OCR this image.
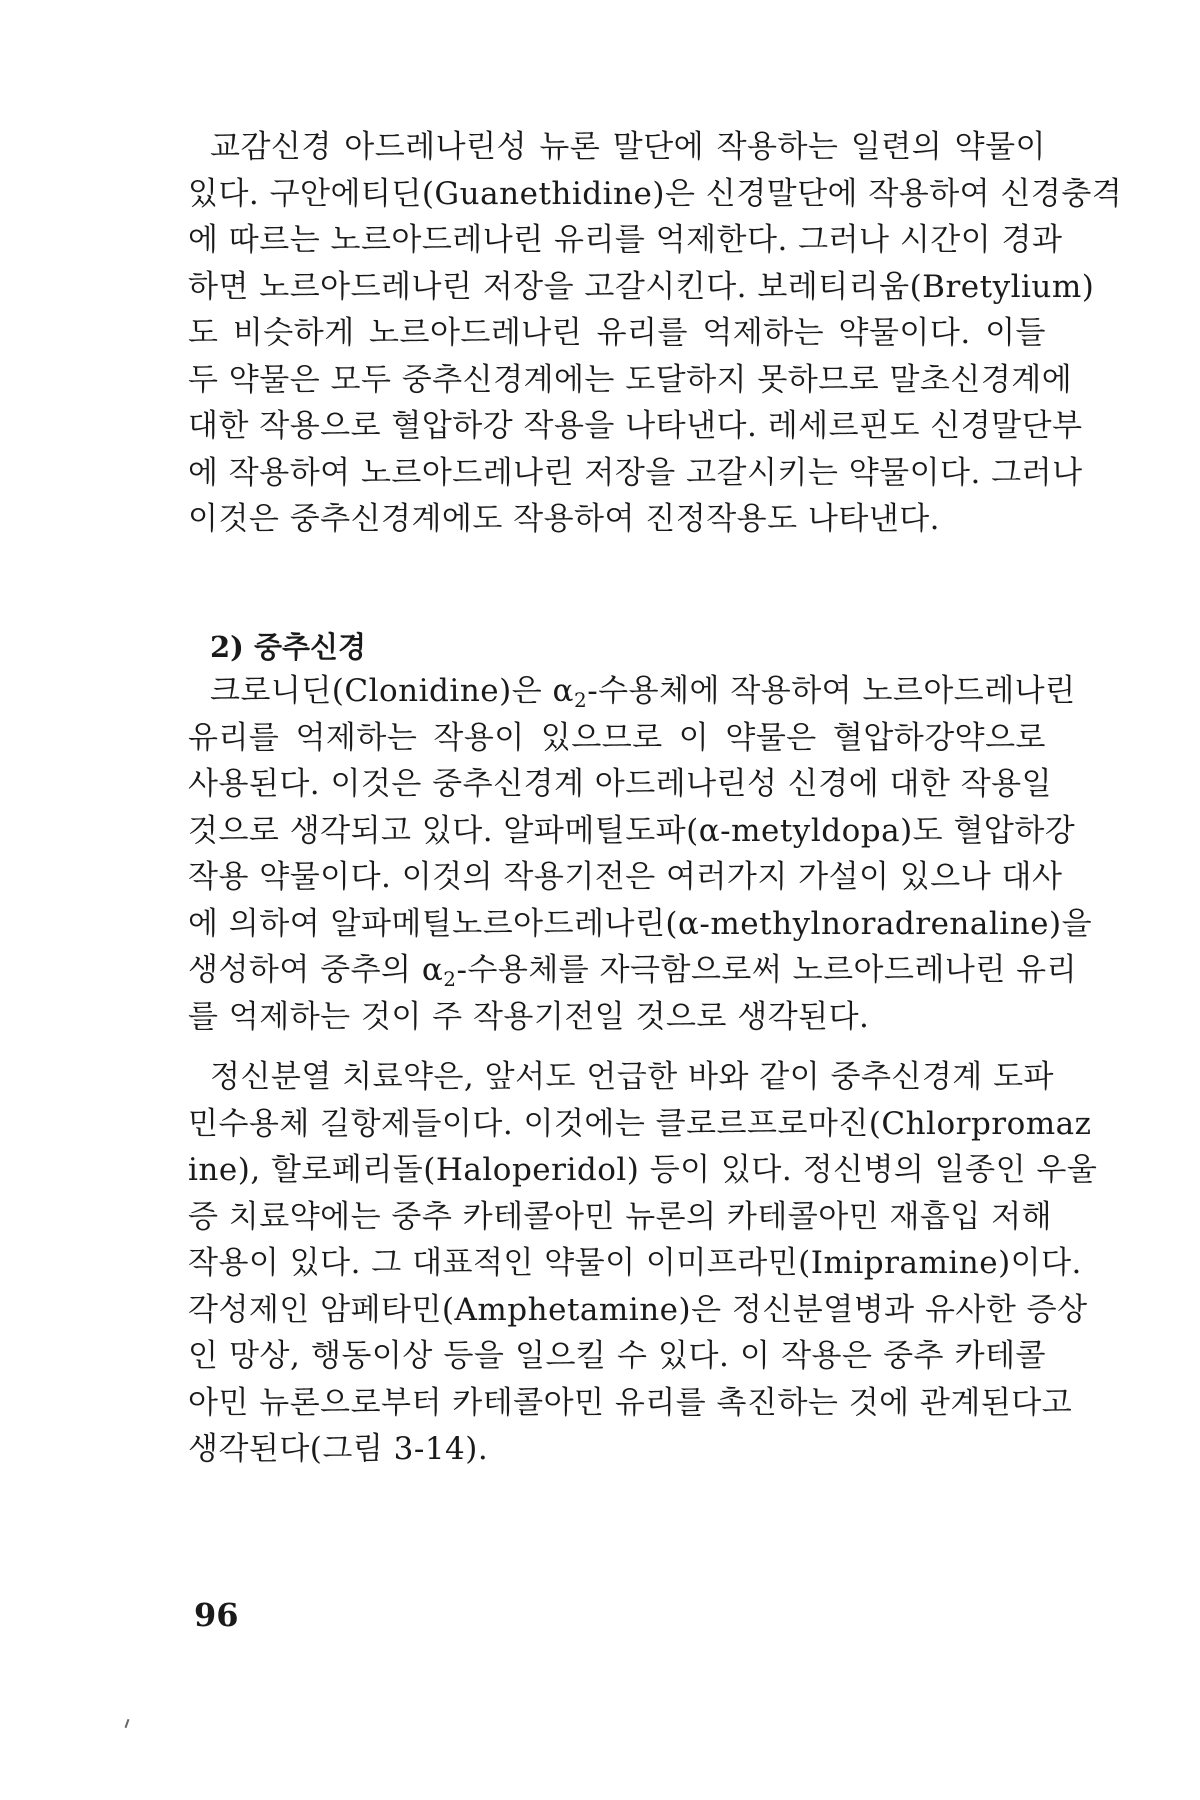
교감신경 아드레나린성 뉴론 말단에 작용하는 일련의 약물이
있다. 구안에티딘(Guanethidine)은 신경말단에 작용하여 신경충격
에 따르는 노르아드레나린 유리를 억제한다. 그러나 시간이 경과
하면 노르아드레나린 저장을 고갈시킨다. 보레티리움(Bretylium)
도 비슷하게 노르아드레나린 유리를 억제하는 약물이다. 이들
두 약물은 모두 중추신경계에는 도달하지 못하므로 말초신경계에
대한 작용으로 혈압하강 작용을 나타낸다. 레세르핀도 신경말단부
에 작용하여 노르아드레나린 저장을 고갈시키는 약물이다. 그러나
이것은 중추신경계에도 작용하여 진정작용도 나타낸다.
2) 중추신경
크로니딘(Clonidine)은 $\alpha_2-$수용체에 작용하여 노르아드레나린
유리를 억제하는 작용이 있으므로 이 약물은 혈압하강약으로
사용된다. 이것은 중추신경계 아드레나린성 신경에 대한 작용일
것으로 생각되고 있다. 알파메틸도파(α-metyldopa)도 혈압하강
작용 약물이다. 이것의 작용기전은 여러가지 가설이 있으나 대사
에 의하여 알파메틸노르아드레나린(α-methylnoradrenaline)을
생성하여 중추의 $\alpha_2-$수용체를 자극함으로써 노르아드레나린 유리
를 억제하는 것이 주 작용기전일 것으로 생각된다.
정신분열 치료약은, 앞서도 언급한 바와 같이 중추신경계 도파
민수용체 길항제들이다. 이것에는 클로르프로마진(Chlorpromaz
ine), 할로페리돌(Haloperidol) 등이 있다. 정신병의 일종인 우울
증 치료약에는 중추 카테콜아민 뉴론의 카테콜아민 재흡입 저해
작용이 있다. 그 대표적인 약물이 이미프라민(Imipramine)이다.
각성제인 암페타민(Amphetamine)은 정신분열병과 유사한 증상
인 망상, 행동이상 등을 일으킬 수 있다. 이 작용은 중추 카테콜
아민 뉴론으로부터 카테콜아민 유리를 촉진하는 것에 관계된다고
생각된다(그림 3-14).
96
